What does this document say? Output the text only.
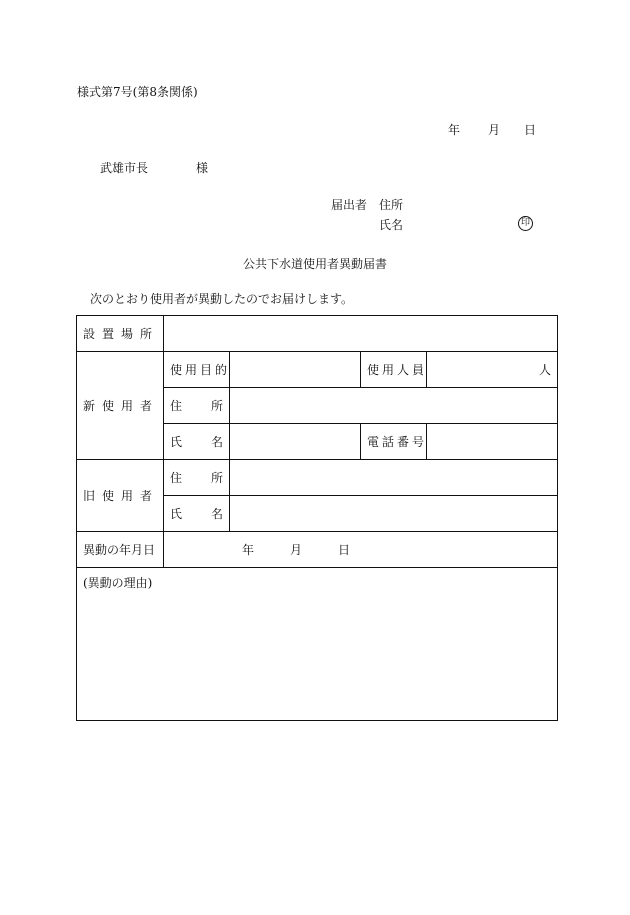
様式第7号(第8条関係)
年 月 日
武雄市長	様
届出者 住所
氏名	印
公共下水道使用者異動届書
次のとおり使用者が異動したのでお届けします。
設置場所				
新使用者	使用目的		使用人員	人

	住 所			

	氏 名		電話番号	
旧使用者	住 所			

	氏 名			

異動の年月日	年 月 日			
(異動の理由)				
